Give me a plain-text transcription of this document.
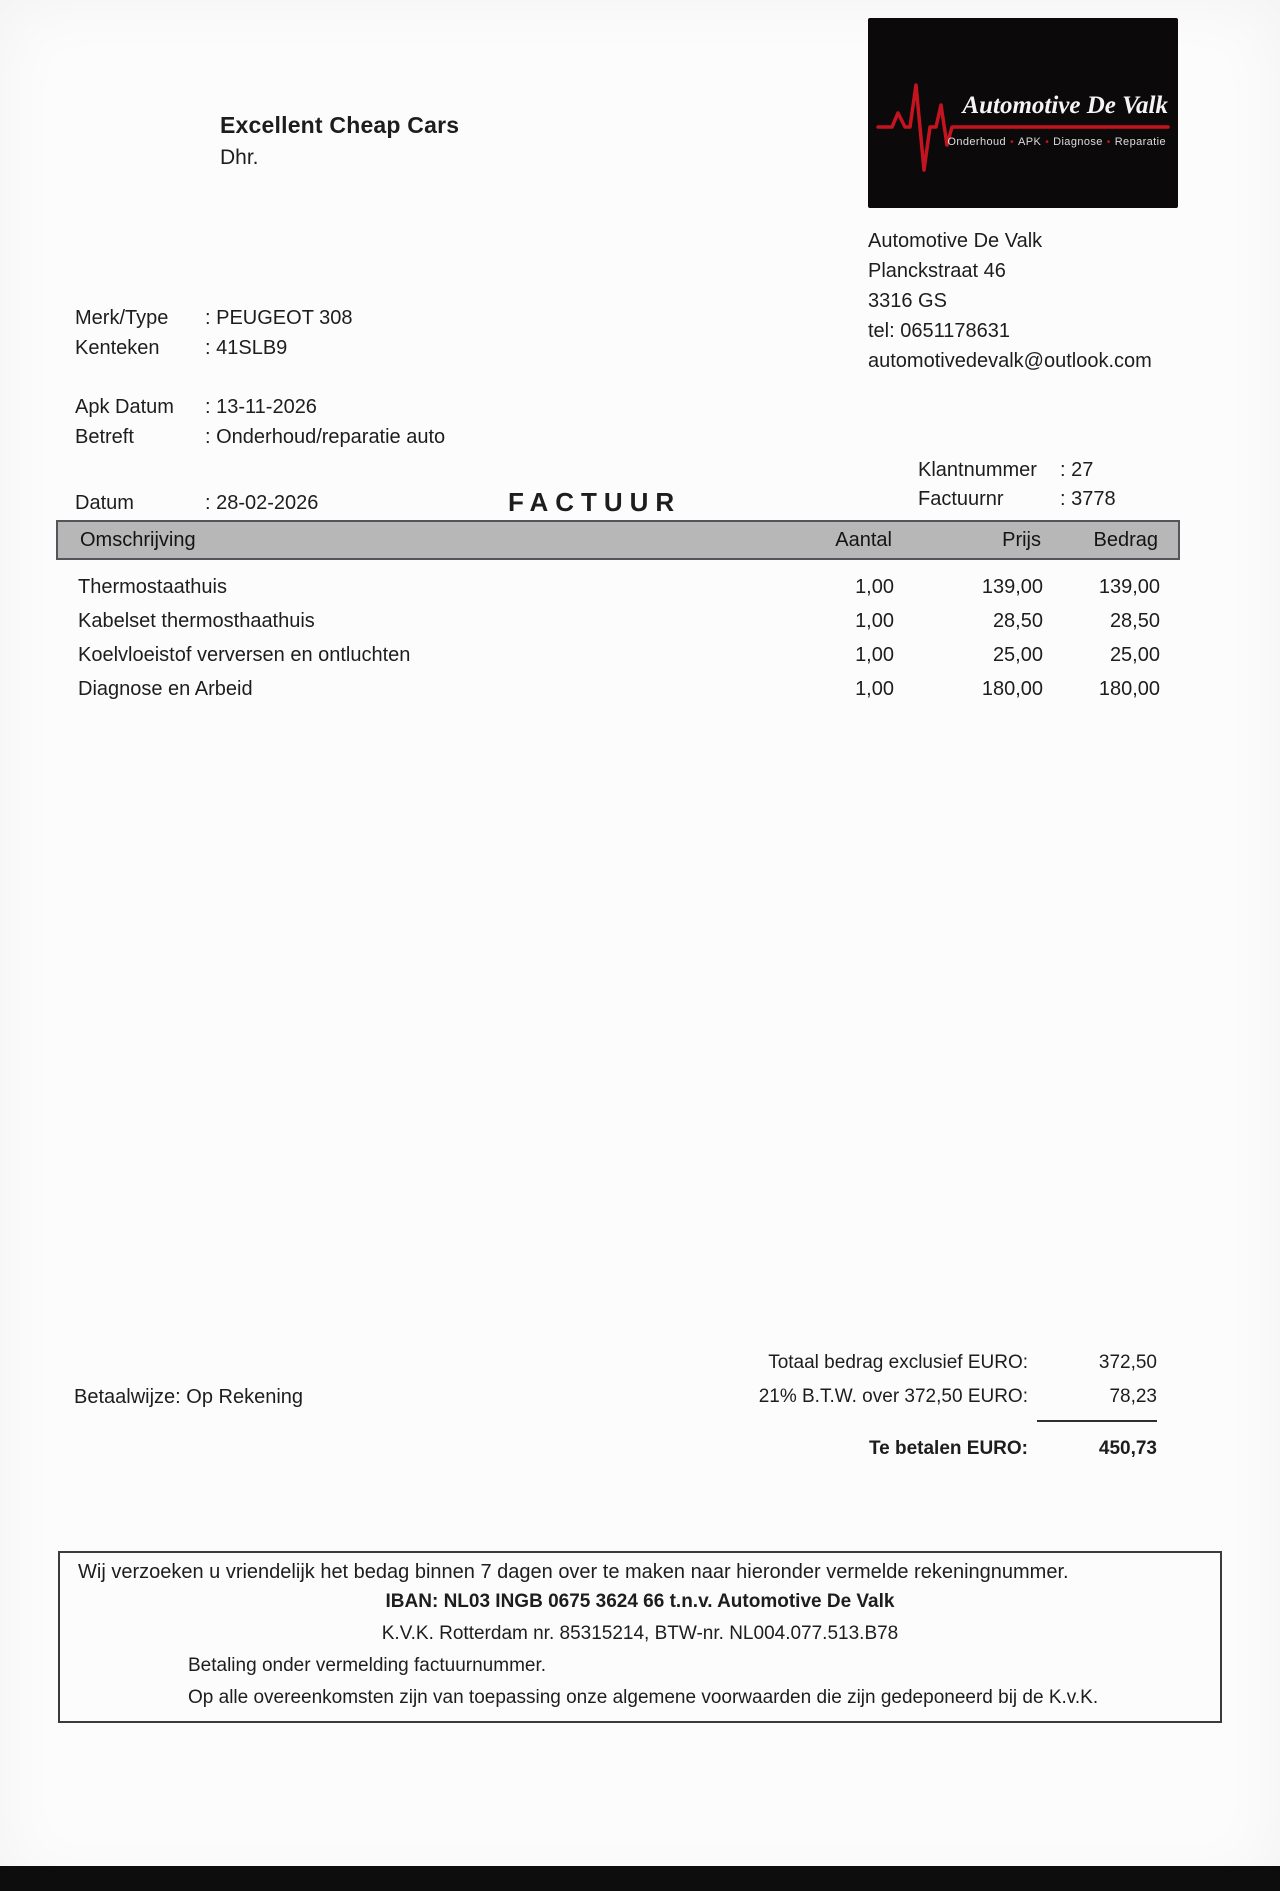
Excellent Cheap Cars
Dhr.
Automotive De Valk
Onderhoud • APK • Diagnose • Reparatie
Automotive De Valk
Planckstraat 46
3316 GS
tel: 0651178631
automotivedevalk@outlook.com
Merk/Type	: PEUGEOT 308
Kenteken	: 41SLB9
Apk Datum	: 13-11-2026
Betreft	: Onderhoud/reparatie auto
Datum	: 28-02-2026	FACTUUR
Klantnummer	: 27
Factuurnr	: 3778
Omschrijving	Aantal	Prijs	Bedrag
Thermostaathuis	1,00	139,00	139,00
Kabelset thermosthaathuis	1,00	28,50	28,50
Koelvloeistof verversen en ontluchten	1,00	25,00	25,00
Diagnose en Arbeid	1,00	180,00	180,00
Betaalwijze: Op Rekening
Totaal bedrag exclusief EURO:	372,50
21% B.T.W. over 372,50 EURO:	78,23
Te betalen EURO:	450,73
Wij verzoeken u vriendelijk het bedag binnen 7 dagen over te maken naar hieronder vermelde rekeningnummer.
IBAN: NL03 INGB 0675 3624 66 t.n.v. Automotive De Valk
K.V.K. Rotterdam nr. 85315214, BTW-nr. NL004.077.513.B78
Betaling onder vermelding factuurnummer.
Op alle overeenkomsten zijn van toepassing onze algemene voorwaarden die zijn gedeponeerd bij de K.v.K.
